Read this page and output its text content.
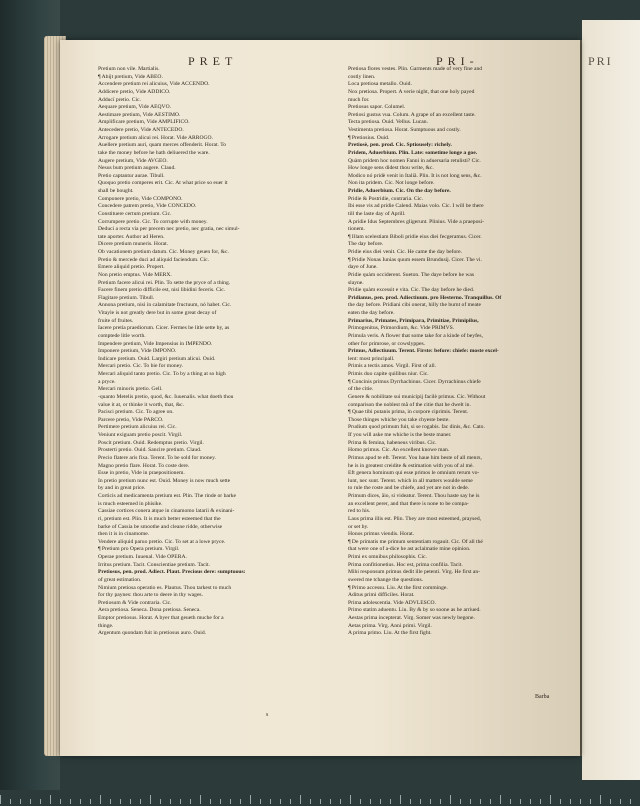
PRI
PRET	PRI-
Pretium non vile. Martialis.
¶ Abijt pretium, Vide ABEO.
Accendere pretium rei alicuius, Vide ACCENDO.
Addicere pretio, Vide ADDICO.
Adducï pretio. Cic.
Aequare pretium, Vide AEQVO.
Aestimare pretium, Vide AESTIMO.
Amplificare pretium, Vide AMPLIFICO.
Antecedere pretio, Vide ANTECEDO.
Arrogare pretium alicui rei. Horat. Vide ARROGO.
Auellere pretium auri, quam merces offenderit. Horat. To
take the money before he hath deliuered the ware.
Augere pretium, Vide AVGEO.
Nesus bum pretium augere. Claud.
Pretio captantur aurae. Tibull.
Quoquo pretio comperes erit. Cic. At what price so euer it
shall be bought.
Componere pretio, Vide COMPONO.
Concedere patrem pretio, Vide CONCEDO.
Constituere certum pretium. Cic.
Corrumpere pretio. Cic. To corrupte with money.
Deduci a recta via per precem nec pretio, nec gratia, nec simul-
tate aporter. Author ad Heren.
Dicere pretium muneris. Horat.
Ob vacationem pretium datum. Cic. Money geuen for, &c.
Pretio & mercede duci ad aliquid faciendum. Cic.
Emere aliquid pretio. Propert.
Non pretio emptus. Vide MERX.
Pretium facere alicui rei. Plin. To sette the pryce of a thing.
Facere finem pretio difficile est, nisi libidini feceris. Cic.
Flagitare pretium. Tibull.
Annona pretium, nisi in calamitate fructuum, nó habet. Cic.
Vitayle is not greatly dere but in some great decay of
fruite of fruites.
Iacere pretia praediorum. Cicer. Fermes be litle sette by, as
comptede litle worth.
Impendere pretium, Vide Impensius in IMPENDO.
Imponere pretium, Vide IMPONO.
Indicare pretium. Ouid. Largiri pretium alicui. Ouid.
Mercari pretio. Cic. To bie for money.
Mercari aliquid tanto pretio. Cic. To by a thing at so high
a pryce.
Mercari minoris pretio. Gell.
-quanto Metelis pretio, quod, &c. Iuuenalis. what doeth thou
value it at, or thinke it worth, that, &c.
Pacisci pretium. Cic. To agree on.
Parcere pretio, Vide PARCO.
Pertimere pretium alicuius rei. Cic.
Veniunt exiguam pretio poscit. Virgil.
Poscit pretium. Ouid. Redemptus pretio. Virgil.
Prosterti pretio. Ouid. Sancire pretium. Claud.
Precio flatere aris fixa. Terent. To be sold for money.
Magno pretio flare. Horat. To coste dere.
Esse in pretio, Vide in praepositionem.
In pretio pretium nunc est. Ouid. Money is now much sette
by and in great price.
Corticis ad medicamenta pretium est. Plin. The rinde or barke
is much esteemed in phisike.
Cassiae cortices conera atque in cinamomo latarii & exinani-
ri, pretium est. Plin. It is much better esteemed that the
barke of Cassia be smoothe and cleane ridde, otherwise
then it is in cinamome.
Vendere aliquid paruo pretio. Cic. To set at a lowe pryce.
¶ Pretium pro Opera pretium. Virgil.
Operae pretium. Iuuenal. Vide OPERA.
Irritus pretium. Tacit. Conscientiae pretium. Tacit.
Pretiosus, pen. prod. Adiect. Plaut. Precious dere: sumptuous:
of great estimation.
Nimium pretiosa operatio es. Plautus. Thou tarkest to much
for thy paynes: thou arte to deere in thy wages.
Pretiosum & Vide contraria. Cic.
Aera pretiosa. Seneca. Dona pretiosa. Seneca.
Emptor pretiosus. Horat. A byer that geueth muche for a
thinge.
Argentum quondam fuit in pretiosus auro. Ouid.
Pretiosa flores vestes. Plin. Garments made of very fine and
costly linen.
Loca pretiosa metallo. Ouid.
Nox pretiosa. Propert. A verie night, that one holy payed
much for.
Pretiosus sapor. Columel.
Pretiosi gustus vua. Colum. A grape of an excellent taste.
Tecta pretiosa. Ouid. Vellus. Lucan.
Vestimenta pretiosa. Horat. Sumptuous and costly.
¶ Pretiosius. Ouid.
Pretiosè, pen. prod. Cic. Sptiousely: richely.
Pridem, Aduerbium. Plin. Late: sometime longe a goe.
Quàm pridem hoc nomen Fanni in aduersaria retulisti? Cic.
How longe sens didest thou write, &c.
Modico nó pridè venit in Italiã. Plin. It is not long sens, &c.
Non ita pridem. Cic. Not longe before.
Pridie, Aduerbium. Cic. On the day before.
Pridie & Postridie, contraria. Cic.
Ibi esse vis ad pridie Calend. Maias volo. Cic. I will be there
till the laste day of Aprill.
A pridie Idus Septembres gligerunt. Plinius. Vide a praeposi-
tionem.
¶ Illam scelestiam Biboli pridie eius diei fecgeramus. Cicer.
The day before.
Pridie eius diei venit. Cic. He came the day before.
¶ Pridie Nonas Iunias quum essem Brundusij. Cicer. The vi.
daye of June.
Pridie quàm occiderent. Sueton. The daye before he was
slayne.
Pridie quàm excessit e vita. Cic. The day before he died.
Pridianus, pen. prod. Adiectiuum. pro Hesterno. Tranquillus. Of
the day before. Pridiani cibi onerat, hilly the burnt of meate
eaten the day before.
Primarius, Primates, Primipara, Primitiae, Primipilus,
Primogenitus, Primordium, &c. Vide PRIMVS.
Primula veris. A flower that some take for a kinde of beyfes,
other for primrose, or cowslyppes.
Primus, Adiectiuum. Terent. Firste: before: chiefe: moste excel-
lent: most principall.
Primis a tectis amos. Virgil. First of all.
Primis duo capite quilibus niur. Cic.
¶ Concinis primus Dyrrhachinus. Cicer. Dyrrachinus chiefe
of the citie.
Genere & nobilitate sui municipij facilè primus. Cic. Without
comparison the noblest mã of the citie that he dwelt in.
¶ Quae tibi putanis prima, in corpore ciprimis. Terent.
Those thinges whiche you take chyeste beste.
Prudium quod primum fuit, si se rogabis. fac dinis, &c. Cato.
If you will aske me whiche is the beste maner.
Prima & femina, habeneus viribus. Cic.
Homo primus. Cic. An excellent knowe man.
Primus apud te eft. Terent. You haue him beste of all menrs,
he is in greatest creidite & estimation with you of al mè.
Eft genera hominum qui esse primos le omnium rerum vo-
lunt, nec sunt. Terent. which in all matters woulde seme
to rule the roste and be chiefe, and yet are not in dede.
Primum dices, ãio, si videatur. Terent. Thou haste say he is
an excellent perer, and that there is none to be compa-
red to his.
Laus prima illis est. Plin. They are most esteemed, praysed,
or set by.
Honos primus viendis. Horat.
¶ De primatis me primum sententiam rogauit. Cic. Of all thé
that were one of a-dice he ast aclaimatie mine opinion.
Primi ex omnibus philosophis. Cic.
Prima confitionetius. Hoc est, prima confilia. Tacit.
Mihi responsum primus dedit ille petenti. Virg. He first an-
swered me tchange the questions.
¶ Primo accessu. Liu. At the first comminge.
Aditus primi difficiles. Horat.
Prima adolescentia. Vide ADVLESCO.
Primo statim aduentu. Liu. By & by so soone as he arriued.
Aestas prima incepterat. Virg. Somer was newly begone.
Aetas prima. Virg. Anni primi. Virgil.
A prima primo. Liu. At the first fight.
s
Barba
